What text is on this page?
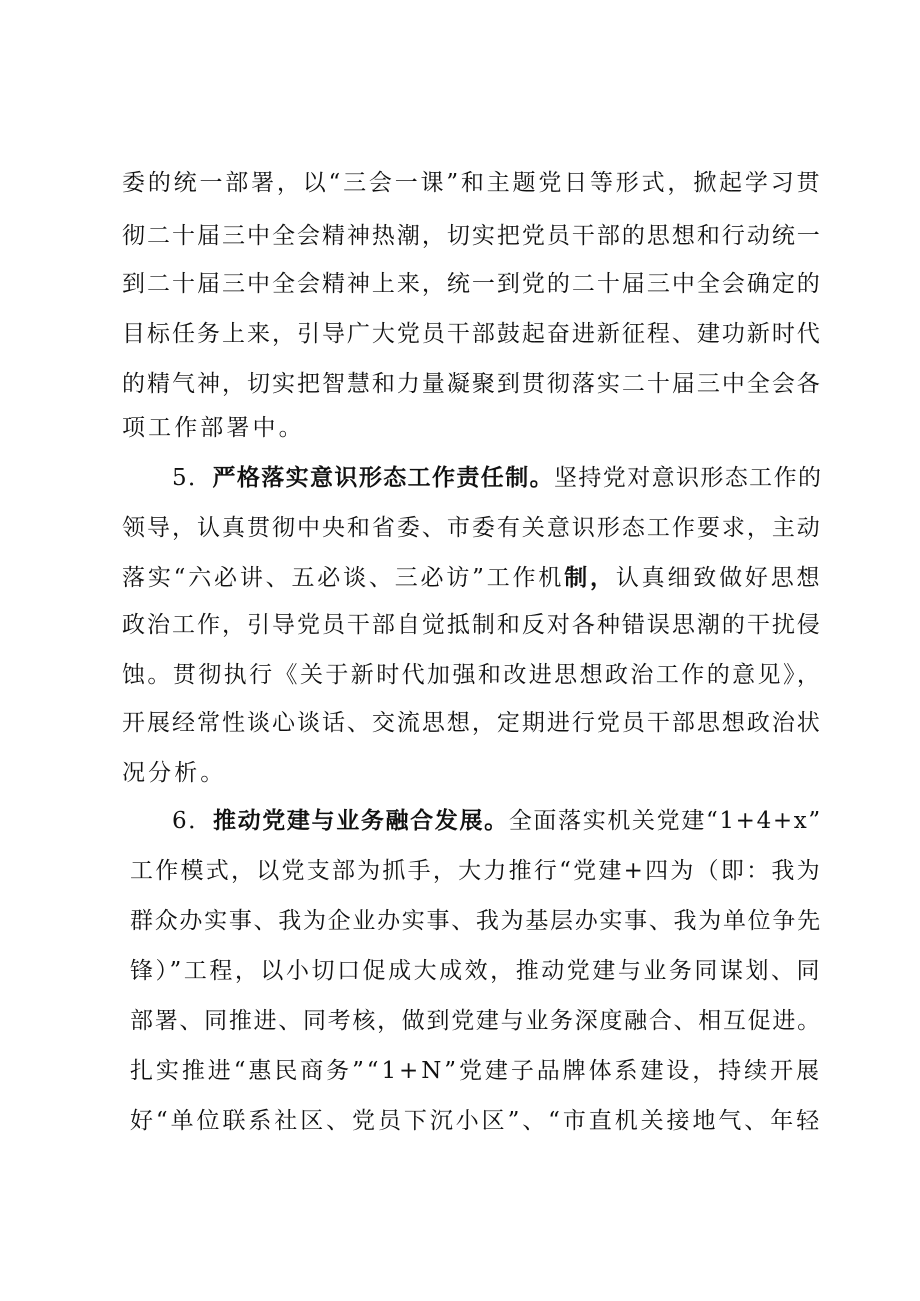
委的统一部署，以“三会一课”和主题党日等形式，掀起学习贯
彻二十届三中全会精神热潮，切实把党员干部的思想和行动统一
到二十届三中全会精神上来，统一到党的二十届三中全会确定的
目标任务上来，引导广大党员干部鼓起奋进新征程、建功新时代
的精气神，切实把智慧和力量凝聚到贯彻落实二十届三中全会各
项工作部署中。
5．严格落实意识形态工作责任制。坚持党对意识形态工作的
领导，认真贯彻中央和省委、市委有关意识形态工作要求，主动
落实“六必讲、五必谈、三必访”工作机制，认真细致做好思想
政治工作，引导党员干部自觉抵制和反对各种错误思潮的干扰侵
蚀。贯彻执行《关于新时代加强和改进思想政治工作的意见》，
开展经常性谈心谈话、交流思想，定期进行党员干部思想政治状
况分析。
6．推动党建与业务融合发展。全面落实机关党建“1+4+x”
工作模式，以党支部为抓手，大力推行“党建+四为（即：我为
群众办实事、我为企业办实事、我为基层办实事、我为单位争先
锋）”工程，以小切口促成大成效，推动党建与业务同谋划、同
部署、同推进、同考核，做到党建与业务深度融合、相互促进。
扎实推进“惠民商务”“1+N”党建子品牌体系建设，持续开展
好“单位联系社区、党员下沉小区”、“市直机关接地气、年轻
